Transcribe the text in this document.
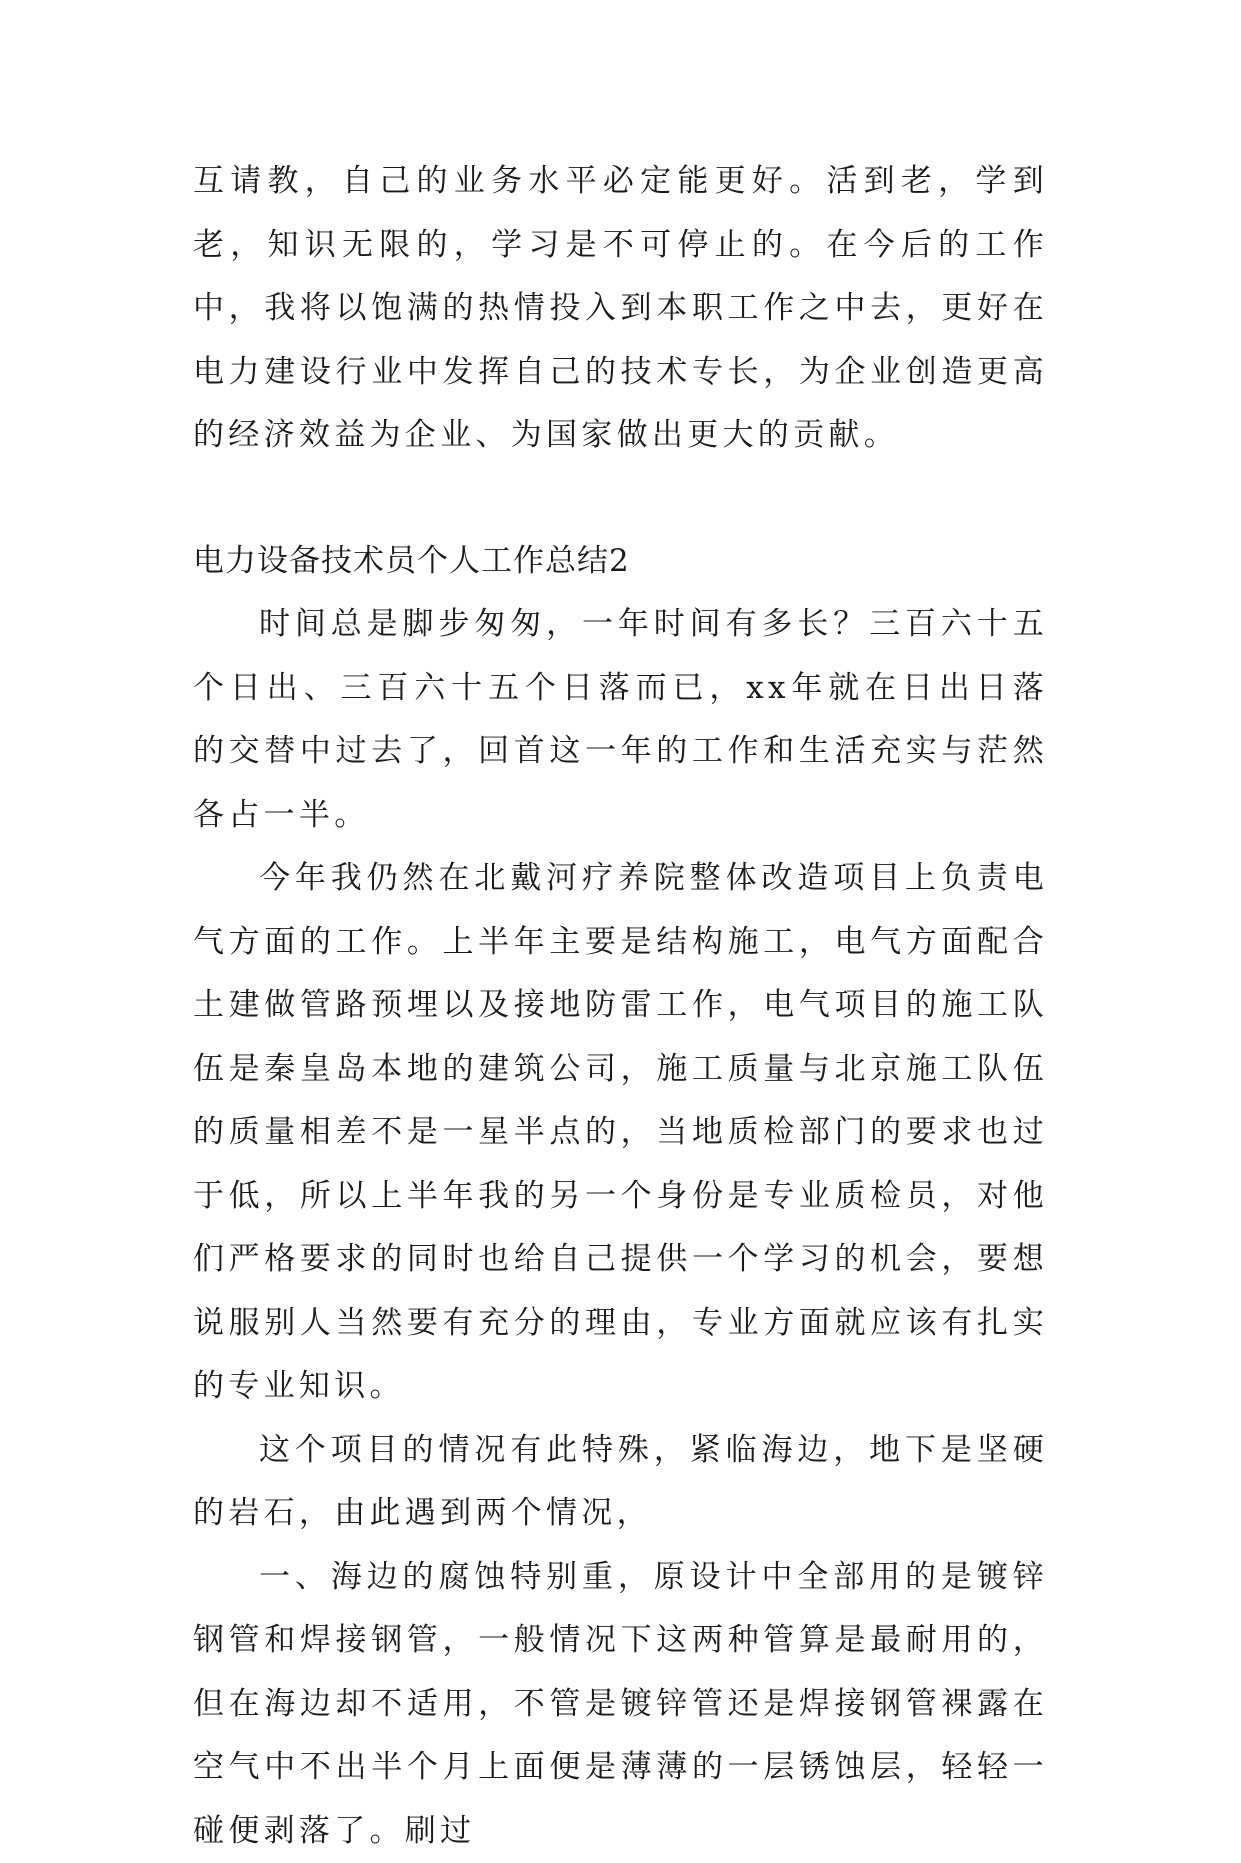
互请教，自己的业务水平必定能更好。活到老，学到老，知识无限的，学习是不可停止的。在今后的工作中，我将以饱满的热情投入到本职工作之中去，更好在电力建设行业中发挥自己的技术专长，为企业创造更高的经济效益为企业、为国家做出更大的贡献。

电力设备技术员个人工作总结2

时间总是脚步匆匆，一年时间有多长？三百六十五个日出、三百六十五个日落而已，xx年就在日出日落的交替中过去了，回首这一年的工作和生活充实与茫然各占一半。

今年我仍然在北戴河疗养院整体改造项目上负责电气方面的工作。上半年主要是结构施工，电气方面配合土建做管路预埋以及接地防雷工作，电气项目的施工队伍是秦皇岛本地的建筑公司，施工质量与北京施工队伍的质量相差不是一星半点的，当地质检部门的要求也过于低，所以上半年我的另一个身份是专业质检员，对他们严格要求的同时也给自己提供一个学习的机会，要想说服别人当然要有充分的理由，专业方面就应该有扎实的专业知识。

这个项目的情况有此特殊，紧临海边，地下是坚硬的岩石，由此遇到两个情况，

一、海边的腐蚀特别重，原设计中全部用的是镀锌钢管和焊接钢管，一般情况下这两种管算是最耐用的，但在海边却不适用，不管是镀锌管还是焊接钢管裸露在空气中不出半个月上面便是薄薄的一层锈蚀层，轻轻一碰便剥落了。刷过
